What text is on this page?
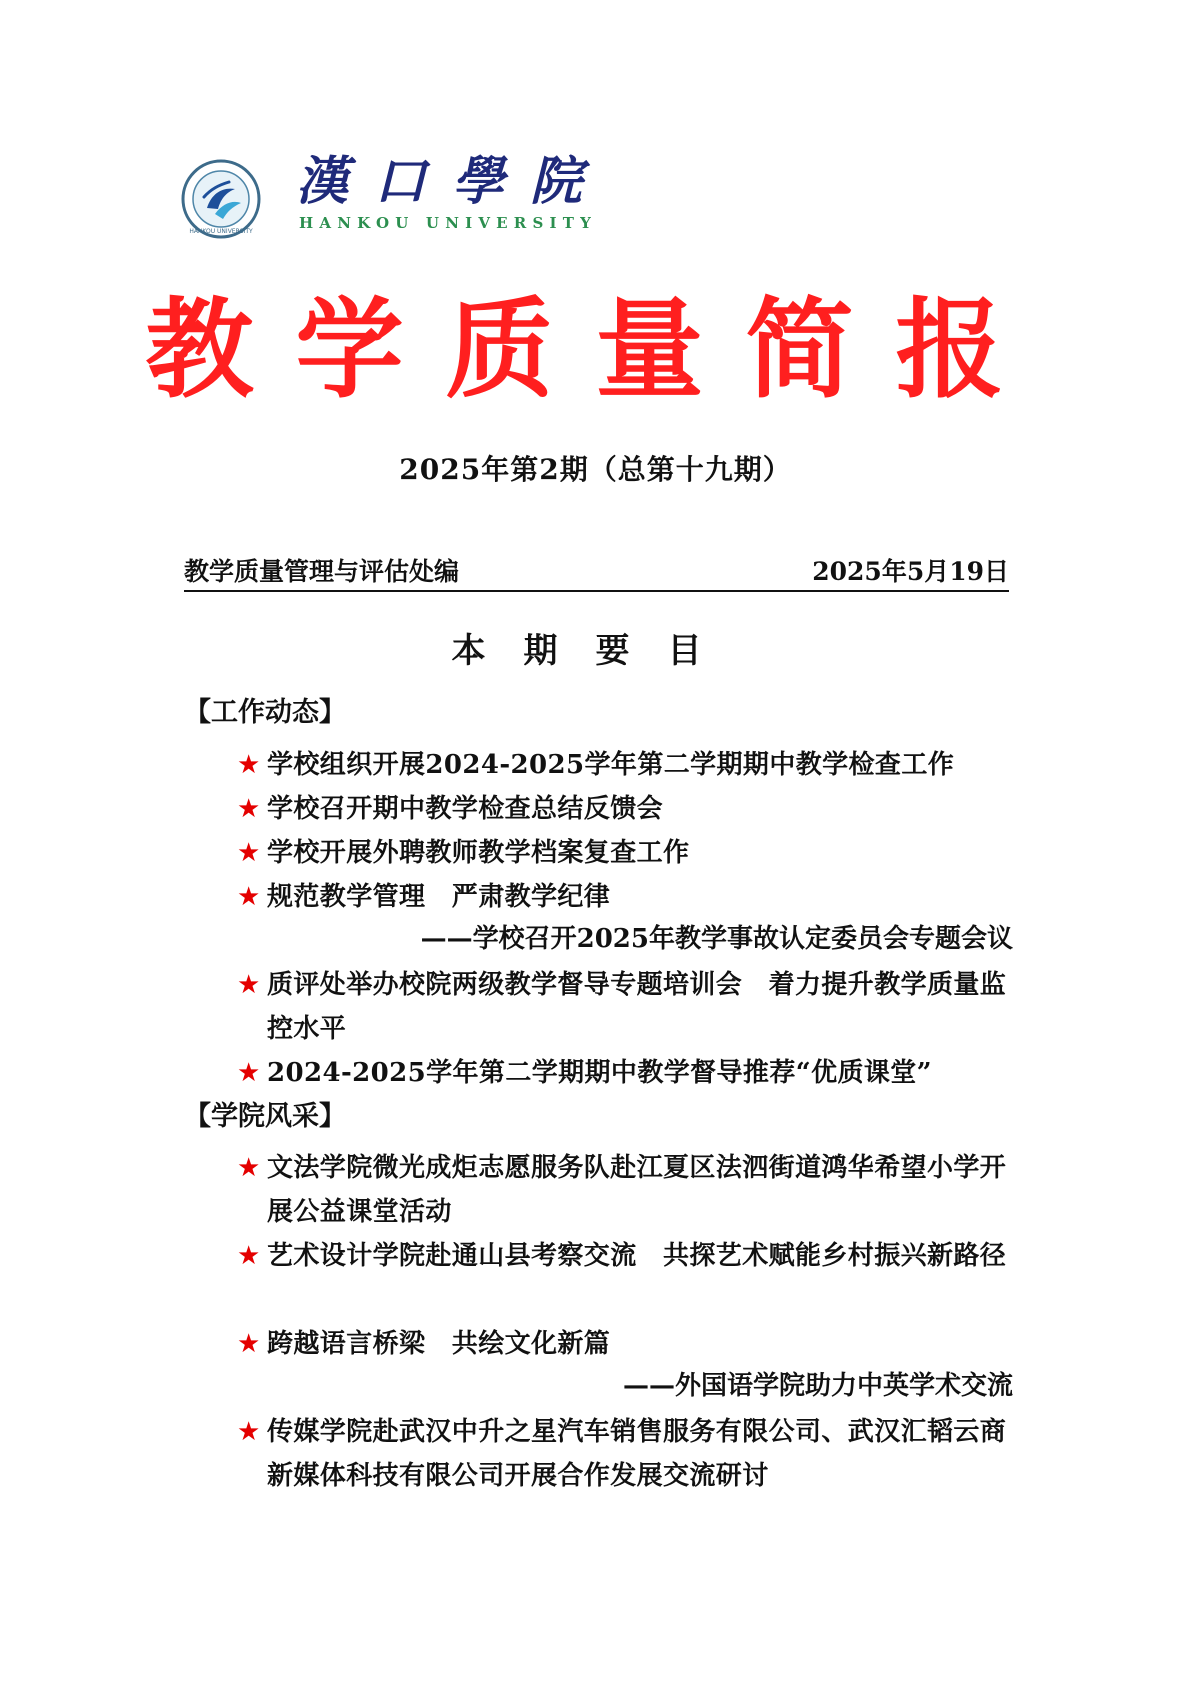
HANKOU UNIVERSITY
漢口學院
HANKOU UNIVERSITY
教学质量简报
2025年第2期（总第十九期）
教学质量管理与评估处编	2025年5月19日
本期要目
【工作动态】
★ 学校组织开展2024-2025学年第二学期期中教学检查工作
★ 学校召开期中教学检查总结反馈会
★ 学校开展外聘教师教学档案复查工作
★ 规范教学管理　严肃教学纪律
——学校召开2025年教学事故认定委员会专题会议
★ 质评处举办校院两级教学督导专题培训会　着力提升教学质量监控水平
★ 2024-2025学年第二学期期中教学督导推荐“优质课堂”
【学院风采】
★ 文法学院微光成炬志愿服务队赴江夏区法泗街道鸿华希望小学开展公益课堂活动
★ 艺术设计学院赴通山县考察交流　共探艺术赋能乡村振兴新路径
★ 跨越语言桥梁　共绘文化新篇
——外国语学院助力中英学术交流
★ 传媒学院赴武汉中升之星汽车销售服务有限公司、武汉汇韬云商新媒体科技有限公司开展合作发展交流研讨
